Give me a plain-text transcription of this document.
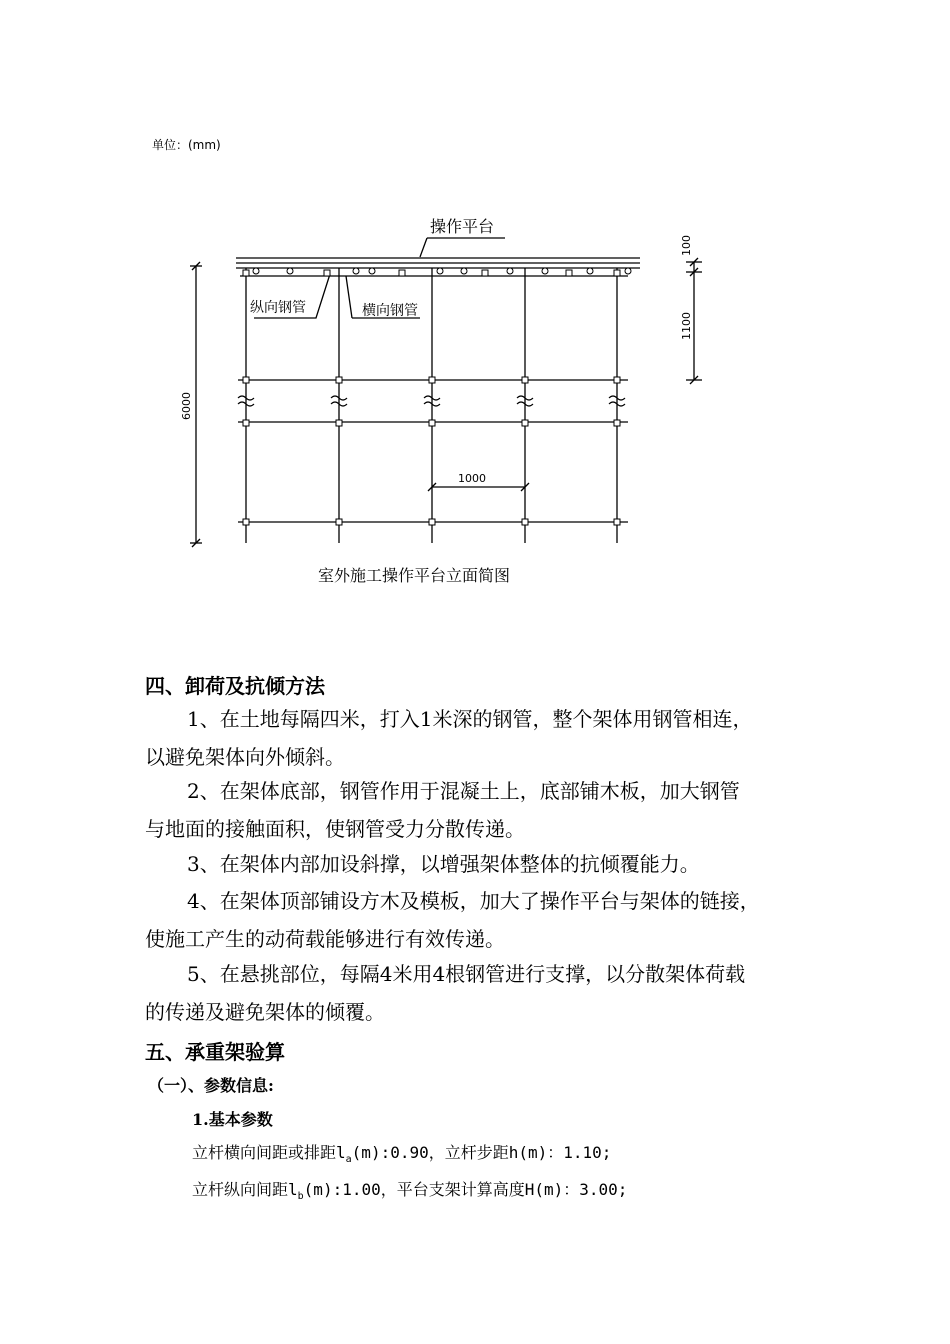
单位：(mm)
操作平台
纵向钢管	横向钢管
100
1100
6000
1000
室外施工操作平台立面简图
四、卸荷及抗倾方法
1、在土地每隔四米，打入1米深的钢管，整个架体用钢管相连，
以避免架体向外倾斜。
2、在架体底部，钢管作用于混凝土上，底部铺木板，加大钢管
与地面的接触面积，使钢管受力分散传递。
3、在架体内部加设斜撑，以增强架体整体的抗倾覆能力。
4、在架体顶部铺设方木及模板，加大了操作平台与架体的链接，
使施工产生的动荷载能够进行有效传递。
5、在悬挑部位，每隔4米用4根钢管进行支撑，以分散架体荷载
的传递及避免架体的倾覆。
五、承重架验算
（一）、参数信息:
1.基本参数
立杆横向间距或排距$l_a(m):0.90$，立杆步距h(m)：1.10;
立杆纵向间距$l_b(m):1.00$，平台支架计算高度H(m)：3.00;
